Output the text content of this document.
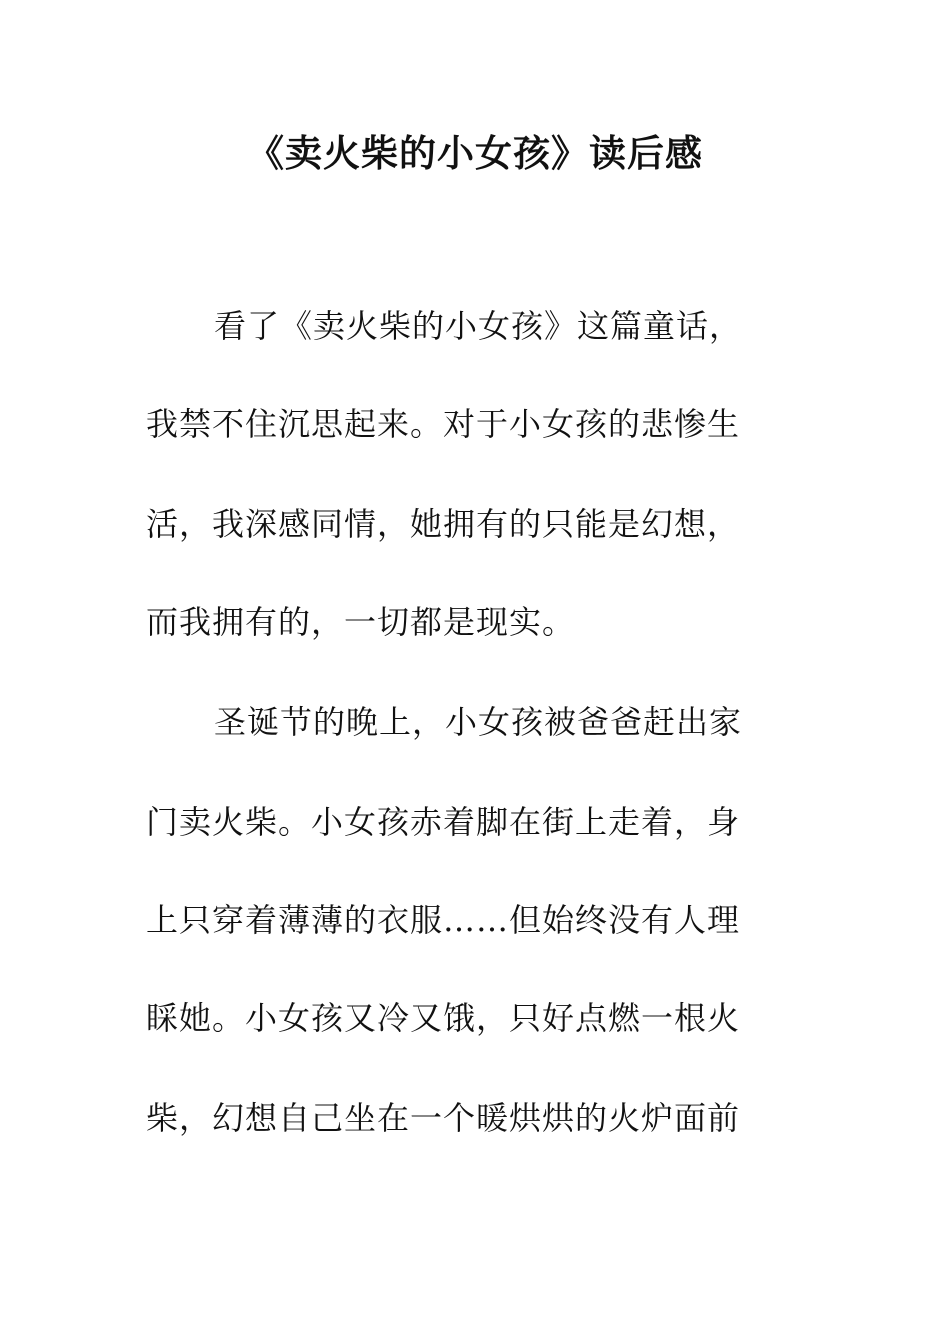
《卖火柴的小女孩》读后感
看了《卖火柴的小女孩》这篇童话，
我禁不住沉思起来。对于小女孩的悲惨生
活，我深感同情，她拥有的只能是幻想，
而我拥有的，一切都是现实。
圣诞节的晚上，小女孩被爸爸赶出家
门卖火柴。小女孩赤着脚在街上走着，身
上只穿着薄薄的衣服……但始终没有人理
睬她。小女孩又冷又饿，只好点燃一根火
柴，幻想自己坐在一个暖烘烘的火炉面前
